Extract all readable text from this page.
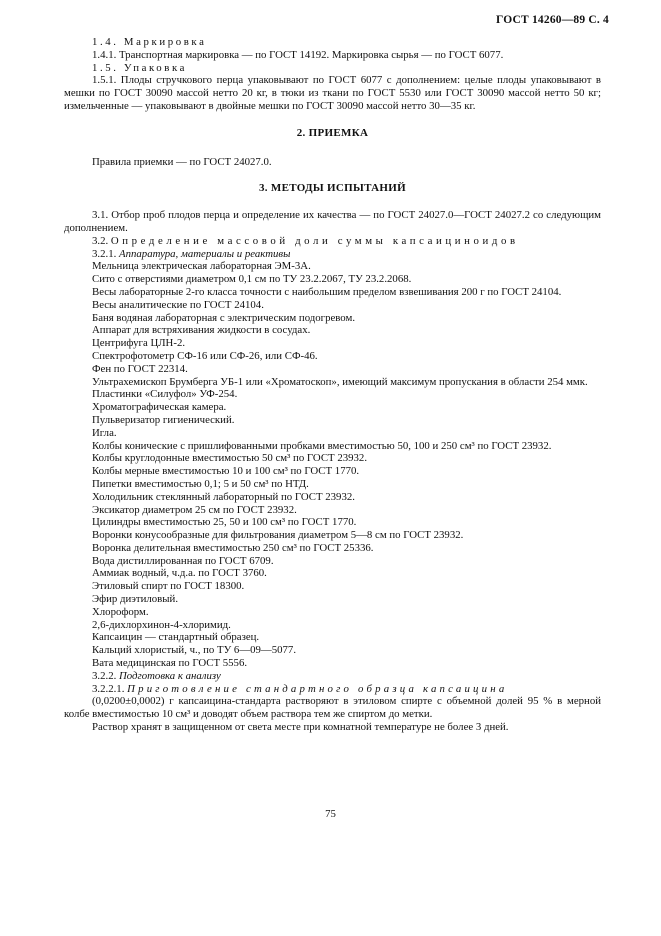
ГОСТ 14260—89 С. 4

1.4. Маркировка

1.4.1. Транспортная маркировка — по ГОСТ 14192. Маркировка сырья — по ГОСТ 6077.

1.5. Упаковка

1.5.1. Плоды стручкового перца упаковывают по ГОСТ 6077 с дополнением: целые плоды упаковывают в мешки по ГОСТ 30090 массой нетто 20 кг, в тюки из ткани по ГОСТ 5530 или ГОСТ 30090 массой нетто 50 кг; измельченные — упаковывают в двойные мешки по ГОСТ 30090 массой нетто 30—35 кг.

2. ПРИЕМКА

Правила приемки — по ГОСТ 24027.0.

3. МЕТОДЫ ИСПЫТАНИЙ

3.1. Отбор проб плодов перца и определение их качества — по ГОСТ 24027.0—ГОСТ 24027.2 со следующим дополнением.

3.2. Определение массовой доли суммы капсаициноидов

3.2.1. Аппаратура, материалы и реактивы

Мельница электрическая лабораторная ЭМ-3А.

Сито с отверстиями диаметром 0,1 см по ТУ 23.2.2067, ТУ 23.2.2068.

Весы лабораторные 2-го класса точности с наибольшим пределом взвешивания 200 г по ГОСТ 24104.

Весы аналитические по ГОСТ 24104.

Баня водяная лабораторная с электрическим подогревом.

Аппарат для встряхивания жидкости в сосудах.

Центрифуга ЦЛН-2.

Спектрофотометр СФ-16 или СФ-26, или СФ-46.

Фен по ГОСТ 22314.

Ультрахемископ Брумберга УБ-1 или «Хроматоскоп», имеющий максимум пропускания в области 254 ммк.

Пластинки «Силуфол» УФ-254.

Хроматографическая камера.

Пульверизатор гигиенический.

Игла.

Колбы конические с пришлифованными пробками вместимостью 50, 100 и 250 см³ по ГОСТ 23932.

Колбы круглодонные вместимостью 50 см³ по ГОСТ 23932.

Колбы мерные вместимостью 10 и 100 см³ по ГОСТ 1770.

Пипетки вместимостью 0,1; 5 и 50 см³ по НТД.

Холодильник стеклянный лабораторный по ГОСТ 23932.

Эксикатор диаметром 25 см по ГОСТ 23932.

Цилиндры вместимостью 25, 50 и 100 см³ по ГОСТ 1770.

Воронки конусообразные для фильтрования диаметром 5—8 см по ГОСТ 23932.

Воронка делительная вместимостью 250 см³ по ГОСТ 25336.

Вода дистиллированная по ГОСТ 6709.

Аммиак водный, ч.д.а. по ГОСТ 3760.

Этиловый спирт по ГОСТ 18300.

Эфир диэтиловый.

Хлороформ.

2,6-дихлорхинон-4-хлоримид.

Капсаицин — стандартный образец.

Кальций хлористый, ч., по ТУ 6—09—5077.

Вата медицинская по ГОСТ 5556.

3.2.2. Подготовка к анализу

3.2.2.1. Приготовление стандартного образца капсаицина

(0,0200±0,0002) г капсаицина-стандарта растворяют в этиловом спирте с объемной долей 95 % в мерной колбе вместимостью 10 см³ и доводят объем раствора тем же спиртом до метки.

Раствор хранят в защищенном от света месте при комнатной температуре не более 3 дней.

75
